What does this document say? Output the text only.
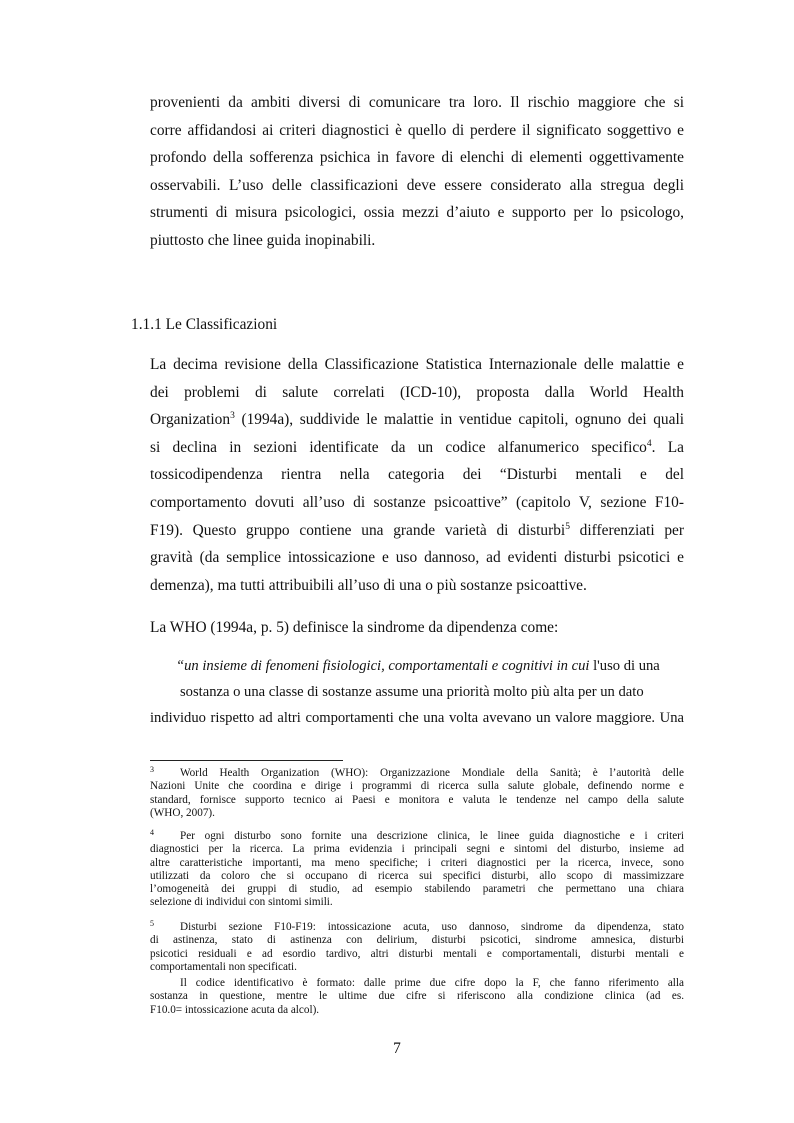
provenienti da ambiti diversi di comunicare tra loro. Il rischio maggiore che si
corre affidandosi ai criteri diagnostici è quello di perdere il significato soggettivo e
profondo della sofferenza psichica in favore di elenchi di elementi oggettivamente
osservabili. L’uso delle classificazioni deve essere considerato alla stregua degli
strumenti di misura psicologici, ossia mezzi d’aiuto e supporto per lo psicologo,
piuttosto che linee guida inopinabili.
1.1.1 Le Classificazioni
La decima revisione della Classificazione Statistica Internazionale delle malattie e
dei problemi di salute correlati (ICD-10), proposta dalla World Health
Organization$^3$ (1994a), suddivide le malattie in ventidue capitoli, ognuno dei quali
si declina in sezioni identificate da un codice alfanumerico specifico$^4$. La
tossicodipendenza rientra nella categoria dei “Disturbi mentali e del
comportamento dovuti all’uso di sostanze psicoattive” (capitolo V, sezione F10-
F19). Questo gruppo contiene una grande varietà di disturbi$^5$ differenziati per
gravità (da semplice intossicazione e uso dannoso, ad evidenti disturbi psicotici e
demenza), ma tutti attribuibili all’uso di una o più sostanze psicoattive.
La WHO (1994a, p. 5) definisce la sindrome da dipendenza come:
“un insieme di fenomeni fisiologici, comportamentali e cognitivi in cui l'uso di una
sostanza o una classe di sostanze assume una priorità molto più alta per un dato
individuo rispetto ad altri comportamenti che una volta avevano un valore maggiore. Una
3	World Health Organization (WHO): Organizzazione Mondiale della Sanità; è l’autorità delle
Nazioni Unite che coordina e dirige i programmi di ricerca sulla salute globale, definendo norme e
standard, fornisce supporto tecnico ai Paesi e monitora e valuta le tendenze nel campo della salute
(WHO, 2007).
4	Per ogni disturbo sono fornite una descrizione clinica, le linee guida diagnostiche e i criteri
diagnostici per la ricerca. La prima evidenzia i principali segni e sintomi del disturbo, insieme ad
altre caratteristiche importanti, ma meno specifiche; i criteri diagnostici per la ricerca, invece, sono
utilizzati da coloro che si occupano di ricerca sui specifici disturbi, allo scopo di massimizzare
l’omogeneità dei gruppi di studio, ad esempio stabilendo parametri che permettano una chiara
selezione di individui con sintomi simili.
5	Disturbi sezione F10-F19: intossicazione acuta, uso dannoso, sindrome da dipendenza, stato
di astinenza, stato di astinenza con delirium, disturbi psicotici, sindrome amnesica, disturbi
psicotici residuali e ad esordio tardivo, altri disturbi mentali e comportamentali, disturbi mentali e
comportamentali non specificati.
Il codice identificativo è formato: dalle prime due cifre dopo la F, che fanno riferimento alla
sostanza in questione, mentre le ultime due cifre si riferiscono alla condizione clinica (ad es.
F10.0= intossicazione acuta da alcol).
7
